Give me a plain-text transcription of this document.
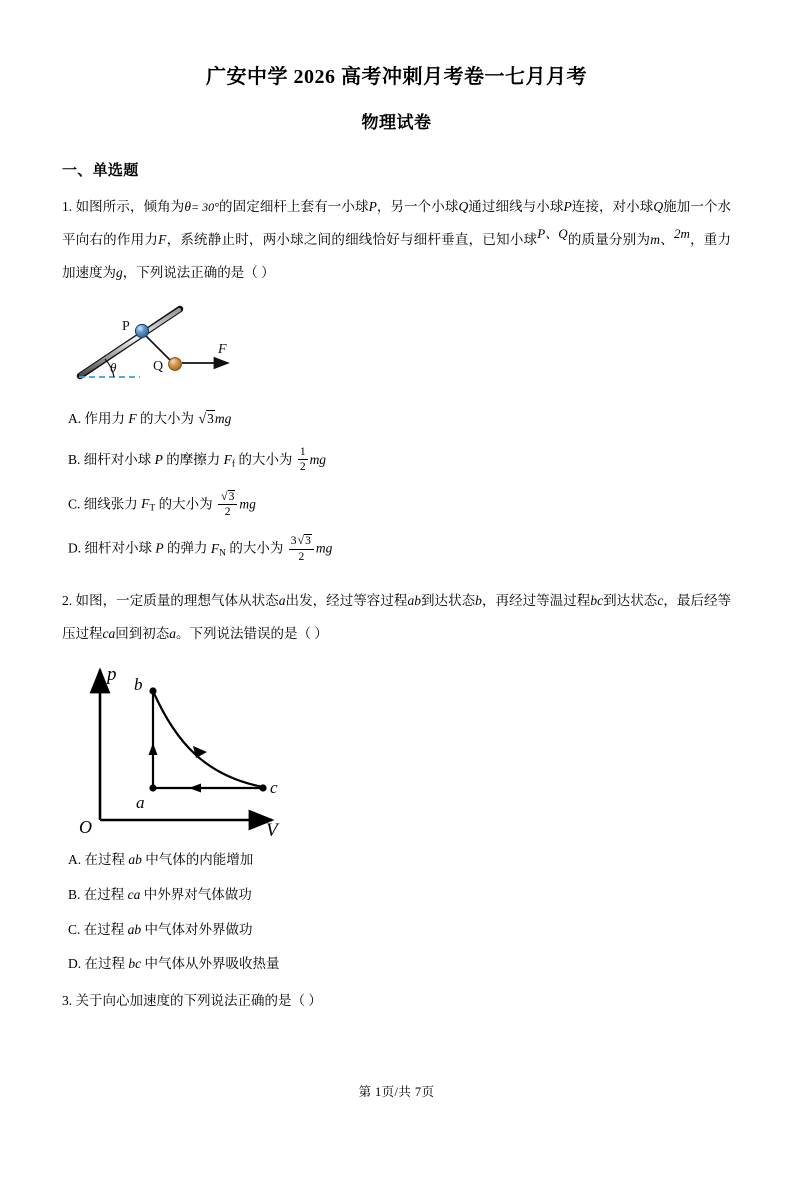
广安中学 2026 高考冲刺月考卷一七月月考
物理试卷
一、单选题
1. 如图所示，倾角为θ= 30°的固定细杆上套有一小球P，另一个小球Q通过细线与小球P连接，对小球Q施加一个水平向右的作用力F，系统静止时，两小球之间的细线恰好与细杆垂直，已知小球P、Q的质量分别为m、2m，重力加速度为g，下列说法正确的是（ ）
θ
F
P
Q
A. 作用力 F 的大小为 √3mg
B. 细杆对小球 P 的摩擦力 $F_f$ 的大小为 $\frac{1}{2}$ mg
C. 细线张力 $F_T$ 的大小为 $\frac{√3}{2}$ mg
D. 细杆对小球 P 的弹力 $F_N$ 的大小为 $\frac{3√3}{2}$ mg
2. 如图，一定质量的理想气体从状态a出发，经过等容过程ab到达状态b，再经过等温过程bc到达状态c，最后经等压过程ca回到初态a。下列说法错误的是（ ）
p
V
O
b
a
c
A. 在过程 ab 中气体的内能增加
B. 在过程 ca 中外界对气体做功
C. 在过程 ab 中气体对外界做功
D. 在过程 bc 中气体从外界吸收热量
3. 关于向心加速度的下列说法正确的是（ ）
第 1页/共 7页
